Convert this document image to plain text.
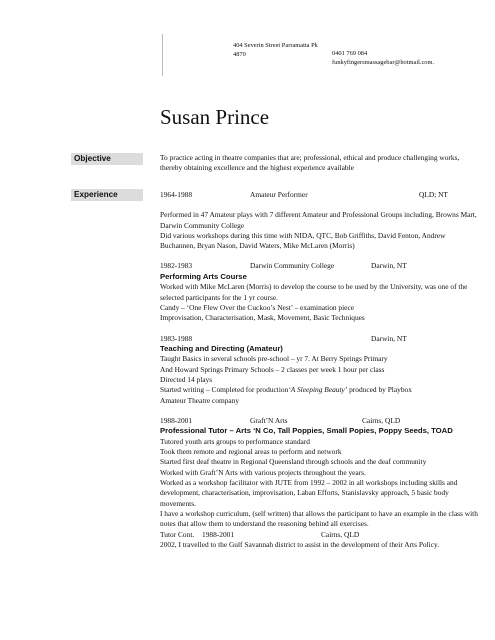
404 Severin Street Parramatta Pk
4870	0401 769 084
funkyfingersmassagebar@hotmail.com.
Susan Prince
Objective	To practice acting in theatre companies that are; professional, ethical and produce challenging works, thereby obtaining excellence and the highest experience available
Experience	1964-1988	Amateur Performer	QLD; NT
Performed in 47 Amateur plays with 7 different Amateur and Professional Groups including, Browns Mart, Darwin Community College
Did various workshops during this time with NIDA, QTC, Bob Griffiths, David Fenton, Andrew Buchannen, Bryan Nason, David Waters, Mike McLaren (Morris)
1982-1983	Darwin Community College	Darwin, NT
Performing Arts Course
Worked with Mike McLaren (Morris) to develop the course to be used by the University, was one of the selected participants for the 1 yr course.
Candy – ‘One Flew Over the Cuckoo’s Nest’ – examination piece
Improvisation, Characterisation, Mask, Movement, Basic Techniques
1983-1988	Darwin, NT
Teaching and Directing (Amateur)
Taught Basics in several schools pre-school – yr 7. At Berry Springs Primary
And Howard Springs Primary Schools – 2 classes per week 1 hour per class
Directed 14 plays
Started writing – Completed for production‘A Sleeping Beauty’ produced by Playbox
Amateur Theatre company
1988-2001	Graft’N Arts	Cairns, QLD
Professional Tutor – Arts ‘N Co, Tall Poppies, Small Popies, Poppy Seeds, TOAD
Tutored youth arts groups to performance standard
Took them remote and regional areas to perform and network
Started first deaf theatre in Regional Queensland through schools and the deaf community
Worked with Graft’N Arts with various projects throughout the years.
Worked as a workshop facilitator with JUTE from 1992 – 2002 in all workshops including skills and development, characterisation, improvisation, Laban Efforts, Stanislavsky approach, 5 basic body movements.
I have a workshop curriculum, (self written) that allows the participant to have an example in the class with notes that allow them to understand the reasoning behind all exercises.
Tutor Cont.	1988-2001	Cairns, QLD
2002, I travelled to the Gulf Savannah district to assist in the development of their Arts Policy.
